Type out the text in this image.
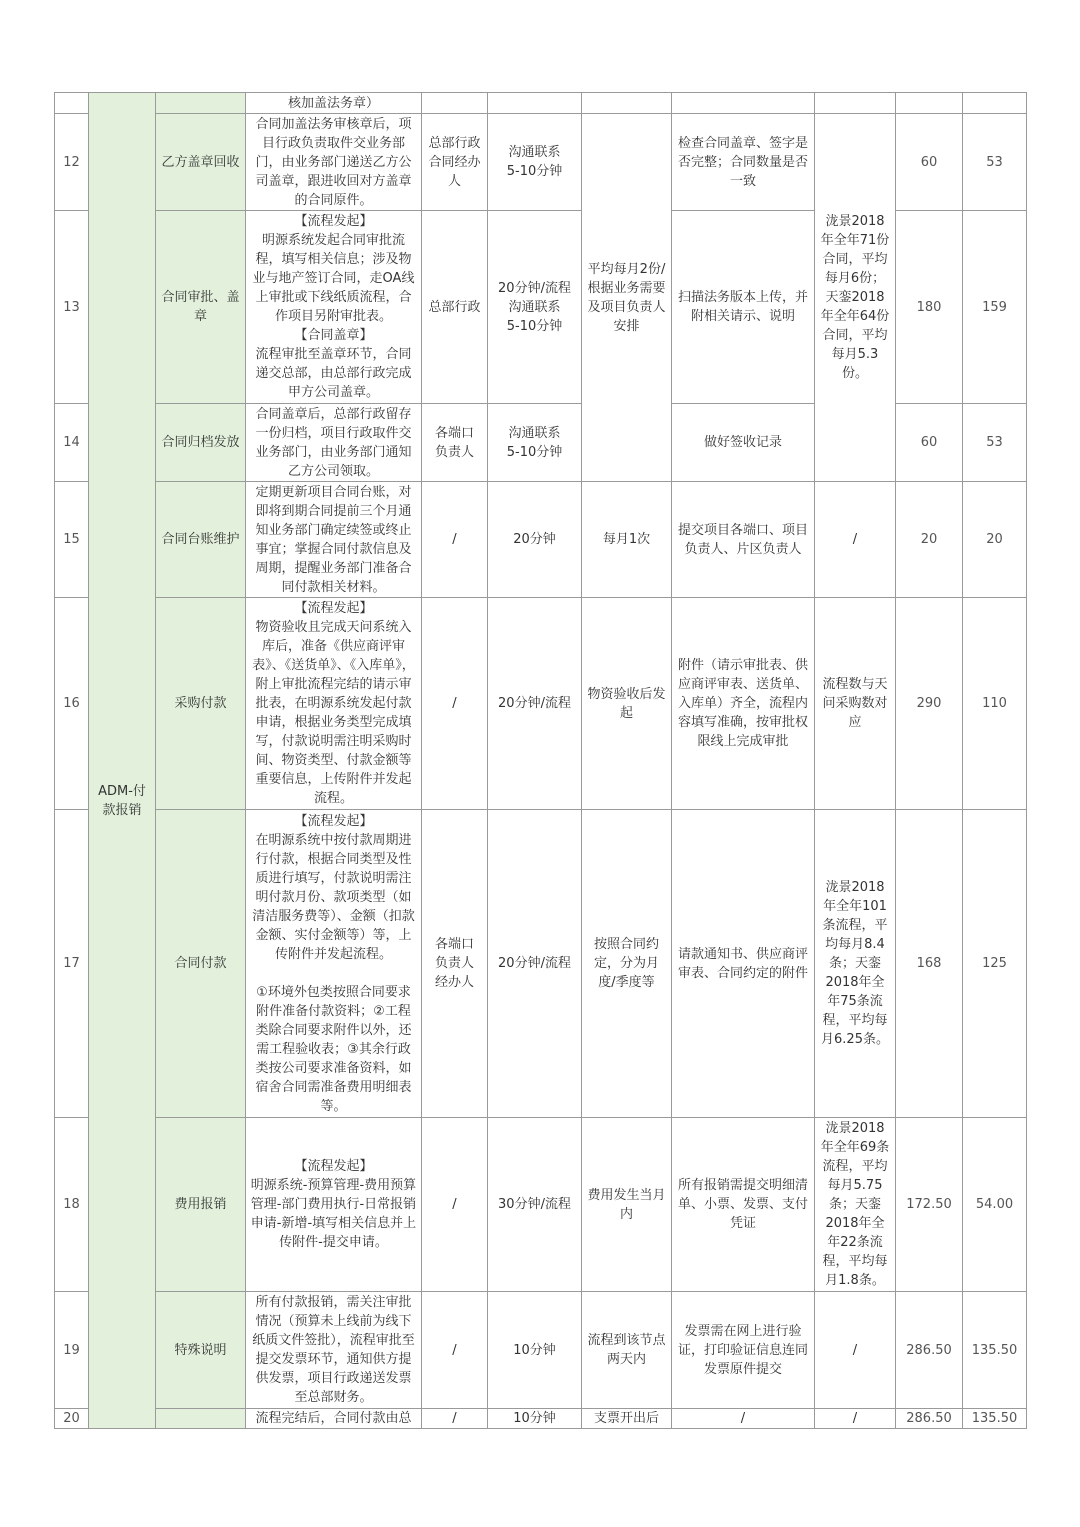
	ADM-付款报销		核加盖法务章）							
12		乙方盖章回收	合同加盖法务审核章后，项目行政负责取件交业务部门，由业务部门递送乙方公司盖章，跟进收回对方盖章的合同原件。	总部行政
合同经办人	沟通联系
5-10分钟	平均每月2份/根据业务需要及项目负责人安排	检查合同盖章、签字是否完整；合同数量是否一致	泷景2018年全年71份合同，平均每月6份；天銮2018年全年64份合同，平均每月5.3份。	60	53
13		合同审批、盖章	【流程发起】
明源系统发起合同审批流程，填写相关信息；涉及物业与地产签订合同，走OA线上审批或下线纸质流程，合作项目另附审批表。
【合同盖章】
流程审批至盖章环节，合同递交总部，由总部行政完成甲方公司盖章。	总部行政	20分钟/流程
沟通联系
5-10分钟		扫描法务版本上传，并附相关请示、说明		180	159
14		合同归档发放	合同盖章后，总部行政留存一份归档，项目行政取件交业务部门，由业务部门通知乙方公司领取。	各端口
负责人	沟通联系
5-10分钟		做好签收记录		60	53
15		合同台账维护	定期更新项目合同台账，对即将到期合同提前三个月通知业务部门确定续签或终止事宜；掌握合同付款信息及周期，提醒业务部门准备合同付款相关材料。	/	20分钟	每月1次	提交项目各端口、项目负责人、片区负责人	/	20	20
16		采购付款	【流程发起】
物资验收且完成天问系统入库后，准备《供应商评审表》、《送货单》、《入库单》，附上审批流程完结的请示审批表，在明源系统发起付款申请，根据业务类型完成填写，付款说明需注明采购时间、物资类型、付款金额等重要信息，上传附件并发起流程。	/	20分钟/流程	物资验收后发起	附件（请示审批表、供应商评审表、送货单、入库单）齐全，流程内容填写准确，按审批权限线上完成审批	流程数与天问采购数对应	290	110
17		合同付款	【流程发起】
在明源系统中按付款周期进行付款，根据合同类型及性质进行填写，付款说明需注明付款月份、款项类型（如清洁服务费等）、金额（扣款金额、实付金额等）等，上传附件并发起流程。

①环境外包类按照合同要求附件准备付款资料；②工程类除合同要求附件以外，还需工程验收表；③其余行政类按公司要求准备资料，如宿舍合同需准备费用明细表等。	各端口
负责人
经办人	20分钟/流程	按照合同约定，分为月度/季度等	请款通知书、供应商评审表、合同约定的附件	泷景2018年全年101条流程，平均每月8.4条；天銮2018年全年75条流程，平均每月6.25条。	168	125
18		费用报销	【流程发起】
明源系统-预算管理-费用预算管理-部门费用执行-日常报销申请-新增-填写相关信息并上传附件-提交申请。	/	30分钟/流程	费用发生当月内	所有报销需提交明细清单、小票、发票、支付凭证	泷景2018年全年69条流程，平均每月5.75条；天銮2018年全年22条流程，平均每月1.8条。	172.50	54.00
19		特殊说明	所有付款报销，需关注审批情况（预算未上线前为线下纸质文件签批），流程审批至提交发票环节，通知供方提供发票，项目行政递送发票至总部财务。	/	10分钟	流程到该节点两天内	发票需在网上进行验证，打印验证信息连同发票原件提交	/	286.50	135.50
20			流程完结后，合同付款由总	/	10分钟	支票开出后	/	/	286.50	135.50
